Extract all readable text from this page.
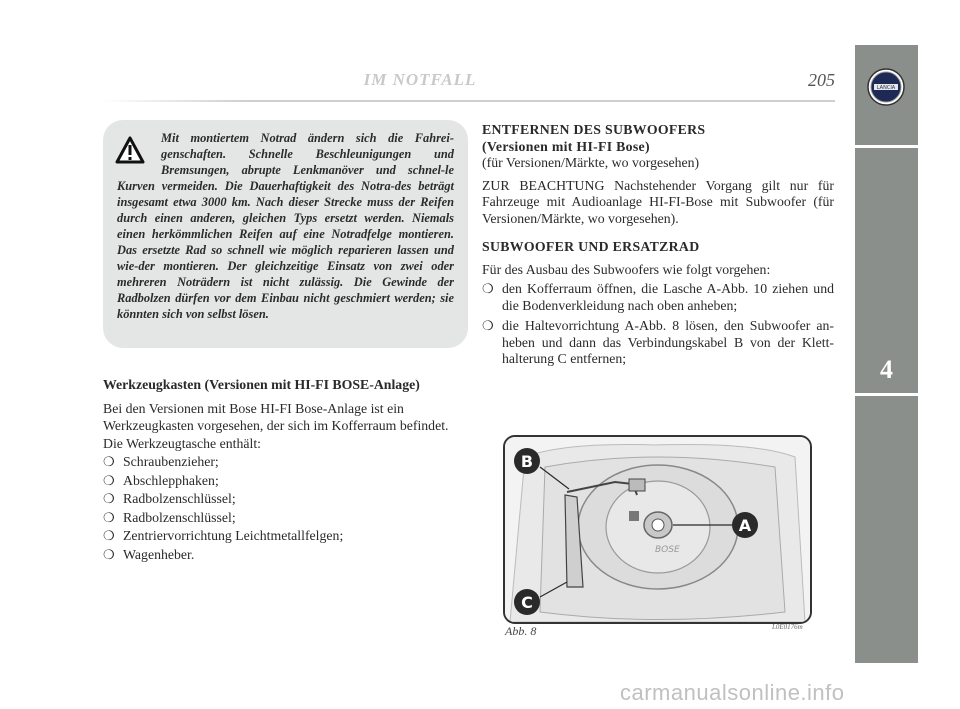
LANCIA
4
IM NOTFALL	205
Mit montiertem Notrad ändern sich die Fahrei-genschaften. Schnelle Beschleunigungen und Bremsungen, abrupte Lenkmanöver und schnel-le Kurven vermeiden. Die Dauerhaftigkeit des Notra-des beträgt insgesamt etwa 3000 km. Nach dieser Strecke muss der Reifen durch einen anderen, gleichen Typs ersetzt werden. Niemals einen herkömmlichen Reifen auf eine Notradfelge montieren. Das ersetzte Rad so schnell wie möglich reparieren lassen und wie-der montieren. Der gleichzeitige Einsatz von zwei oder mehreren Noträdern ist nicht zulässig. Die Gewinde der Radbolzen dürfen vor dem Einbau nicht geschmiert werden; sie könnten sich von selbst lösen.
Werkzeugkasten (Versionen mit HI-FI BOSE-Anlage)
Bei den Versionen mit Bose HI-FI Bose-Anlage ist ein Werkzeugkasten vorgesehen, der sich im Kofferraum befindet.
Die Werkzeugtasche enthält:
❍ Schraubenzieher;
❍ Abschlepphaken;
❍ Radbolzenschlüssel;
❍ Radbolzenschlüssel;
❍ Zentriervorrichtung Leichtmetallfelgen;
❍ Wagenheber.
ENTFERNEN DES SUBWOOFERS
(Versionen mit HI-FI Bose)
(für Versionen/Märkte, wo vorgesehen)
ZUR BEACHTUNG Nachstehender Vorgang gilt nur für Fahrzeuge mit Audioanlage HI-FI-Bose mit Subwoofer (für Versionen/Märkte, wo vorgesehen).
SUBWOOFER UND ERSATZRAD
Für des Ausbau des Subwoofers wie folgt vorgehen:
❍ den Kofferraum öffnen, die Lasche A-Abb. 10 ziehen und die Bodenverkleidung nach oben anheben;
❍ die Haltevorrichtung A-Abb. 8 lösen, den Subwoofer an-heben und dann das Verbindungskabel B von der Klett-halterung C entfernen;
BOSE
B
A
C
Abb. 8	L0E0176m
carmanualsonline.info
